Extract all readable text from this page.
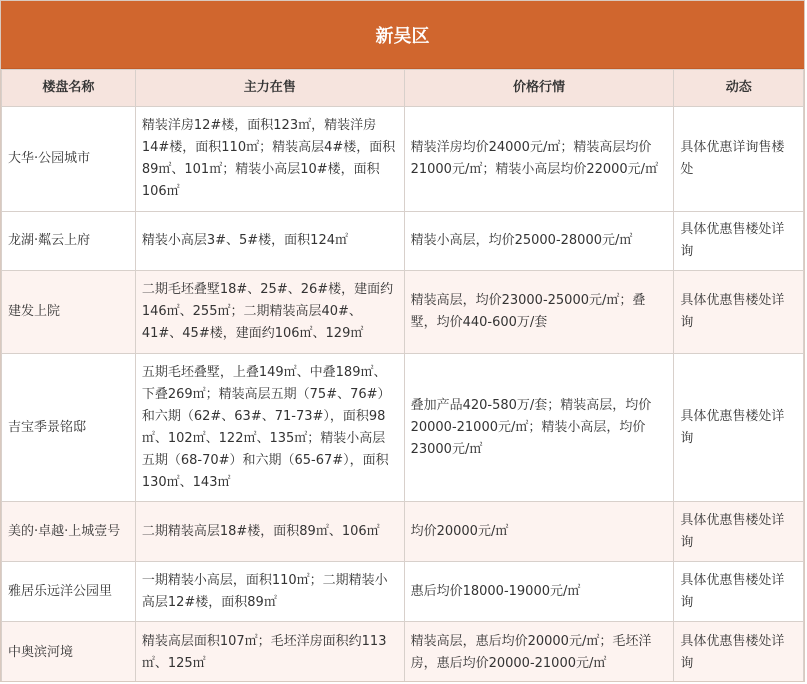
新吴区
楼盘名称	主力在售	价格行情	动态
大华·公园城市	精装洋房12#楼，面积123㎡，精装洋房14#楼，面积110㎡；精装高层4#楼，面积89㎡、101㎡；精装小高层10#楼，面积106㎡	精装洋房均价24000元/㎡；精装高层均价21000元/㎡；精装小高层均价22000元/㎡	具体优惠详询售楼处
龙湖·粼云上府	精装小高层3#、5#楼，面积124㎡	精装小高层，均价25000-28000元/㎡	具体优惠售楼处详询
建发上院	二期毛坯叠墅18#、25#、26#楼，建面约146㎡、255㎡；二期精装高层40#、41#、45#楼，建面约106㎡、129㎡	精装高层，均价23000-25000元/㎡；叠墅，均价440-600万/套	具体优惠售楼处详询
吉宝季景铭邸	五期毛坯叠墅，上叠149㎡、中叠189㎡、下叠269㎡；精装高层五期（75#、76#）和六期（62#、63#、71-73#），面积98㎡、102㎡、122㎡、135㎡；精装小高层五期（68-70#）和六期（65-67#），面积130㎡、143㎡	叠加产品420-580万/套；精装高层，均价20000-21000元/㎡；精装小高层，均价23000元/㎡	具体优惠售楼处详询
美的·卓越·上城壹号	二期精装高层18#楼，面积89㎡、106㎡	均价20000元/㎡	具体优惠售楼处详询
雅居乐远洋公园里	一期精装小高层，面积110㎡；二期精装小高层12#楼，面积89㎡	惠后均价18000-19000元/㎡	具体优惠售楼处详询
中奥滨河境	精装高层面积107㎡；毛坯洋房面积约113㎡、125㎡	精装高层，惠后均价20000元/㎡；毛坯洋房，惠后均价20000-21000元/㎡	具体优惠售楼处详询
